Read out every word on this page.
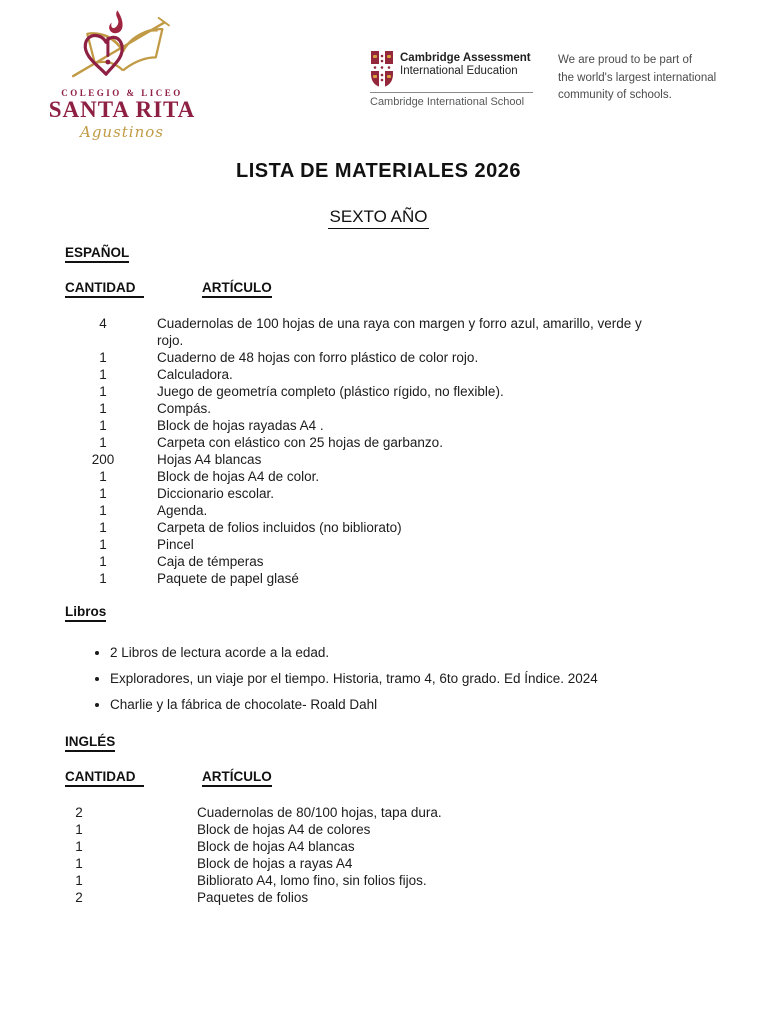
COLEGIO & LICEO
SANTA RITA
Agustinos
Cambridge Assessment
International Education
Cambridge International School
We are proud to be part of
the world's largest international
community of schools.
LISTA DE MATERIALES 2026
SEXTO AÑO
ESPAÑOL
CANTIDAD	ARTÍCULO
4	Cuadernolas de 100 hojas de una raya con margen y forro azul, amarillo, verde y rojo.
1	Cuaderno de 48 hojas con forro plástico de color rojo.
1	Calculadora.
1	Juego de geometría completo (plástico rígido, no flexible).
1	Compás.
1	Block de hojas rayadas A4 .
1	Carpeta con elástico con 25 hojas de garbanzo.
200	Hojas A4 blancas
1	Block de hojas A4 de color.
1	Diccionario escolar.
1	Agenda.
1	Carpeta de folios incluidos (no bibliorato)
1	Pincel
1	Caja de témperas
1	Paquete de papel glasé
Libros
• 2 Libros de lectura acorde a la edad.
• Exploradores, un viaje por el tiempo. Historia, tramo 4, 6to grado. Ed Índice. 2024
• Charlie y la fábrica de chocolate- Roald Dahl
INGLÉS
CANTIDAD	ARTÍCULO
2	Cuadernolas de 80/100 hojas, tapa dura.
1	Block de hojas A4 de colores
1	Block de hojas A4 blancas
1	Block de hojas a rayas A4
1	Bibliorato A4, lomo fino, sin folios fijos.
2	Paquetes de folios
